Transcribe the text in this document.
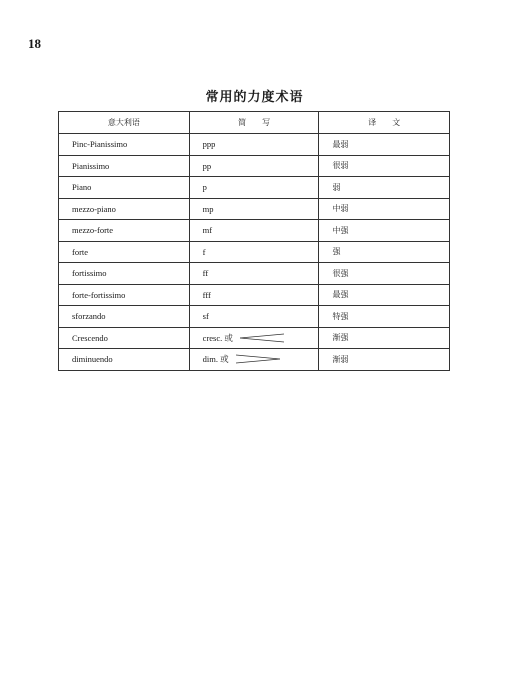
18
常用的力度术语
意大利语	简　　写	译　　文
Pinc-Pianissimo	ppp	最弱
Pianissimo	pp	很弱
Piano	p	弱
mezzo-piano	mp	中弱
mezzo-forte	mf	中强
forte	f	强
fortissimo	ff	很强
forte-fortissimo	fff	最强
sforzando	sf	特强
Crescendo	cresc. 或	渐强
diminuendo	dim. 或	渐弱
